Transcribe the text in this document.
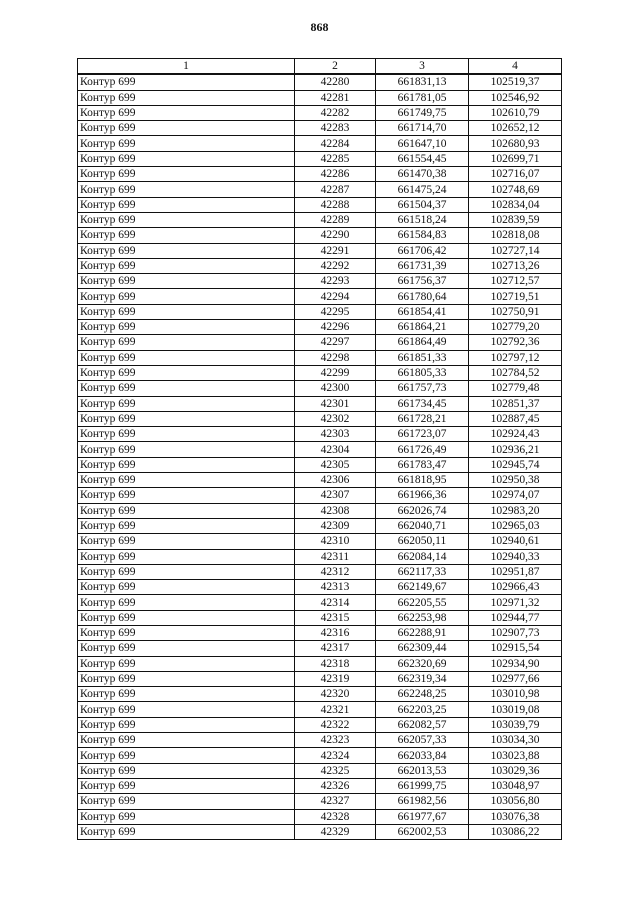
868
1	2	3	4
Контур 699	42280	661831,13	102519,37
Контур 699	42281	661781,05	102546,92
Контур 699	42282	661749,75	102610,79
Контур 699	42283	661714,70	102652,12
Контур 699	42284	661647,10	102680,93
Контур 699	42285	661554,45	102699,71
Контур 699	42286	661470,38	102716,07
Контур 699	42287	661475,24	102748,69
Контур 699	42288	661504,37	102834,04
Контур 699	42289	661518,24	102839,59
Контур 699	42290	661584,83	102818,08
Контур 699	42291	661706,42	102727,14
Контур 699	42292	661731,39	102713,26
Контур 699	42293	661756,37	102712,57
Контур 699	42294	661780,64	102719,51
Контур 699	42295	661854,41	102750,91
Контур 699	42296	661864,21	102779,20
Контур 699	42297	661864,49	102792,36
Контур 699	42298	661851,33	102797,12
Контур 699	42299	661805,33	102784,52
Контур 699	42300	661757,73	102779,48
Контур 699	42301	661734,45	102851,37
Контур 699	42302	661728,21	102887,45
Контур 699	42303	661723,07	102924,43
Контур 699	42304	661726,49	102936,21
Контур 699	42305	661783,47	102945,74
Контур 699	42306	661818,95	102950,38
Контур 699	42307	661966,36	102974,07
Контур 699	42308	662026,74	102983,20
Контур 699	42309	662040,71	102965,03
Контур 699	42310	662050,11	102940,61
Контур 699	42311	662084,14	102940,33
Контур 699	42312	662117,33	102951,87
Контур 699	42313	662149,67	102966,43
Контур 699	42314	662205,55	102971,32
Контур 699	42315	662253,98	102944,77
Контур 699	42316	662288,91	102907,73
Контур 699	42317	662309,44	102915,54
Контур 699	42318	662320,69	102934,90
Контур 699	42319	662319,34	102977,66
Контур 699	42320	662248,25	103010,98
Контур 699	42321	662203,25	103019,08
Контур 699	42322	662082,57	103039,79
Контур 699	42323	662057,33	103034,30
Контур 699	42324	662033,84	103023,88
Контур 699	42325	662013,53	103029,36
Контур 699	42326	661999,75	103048,97
Контур 699	42327	661982,56	103056,80
Контур 699	42328	661977,67	103076,38
Контур 699	42329	662002,53	103086,22
